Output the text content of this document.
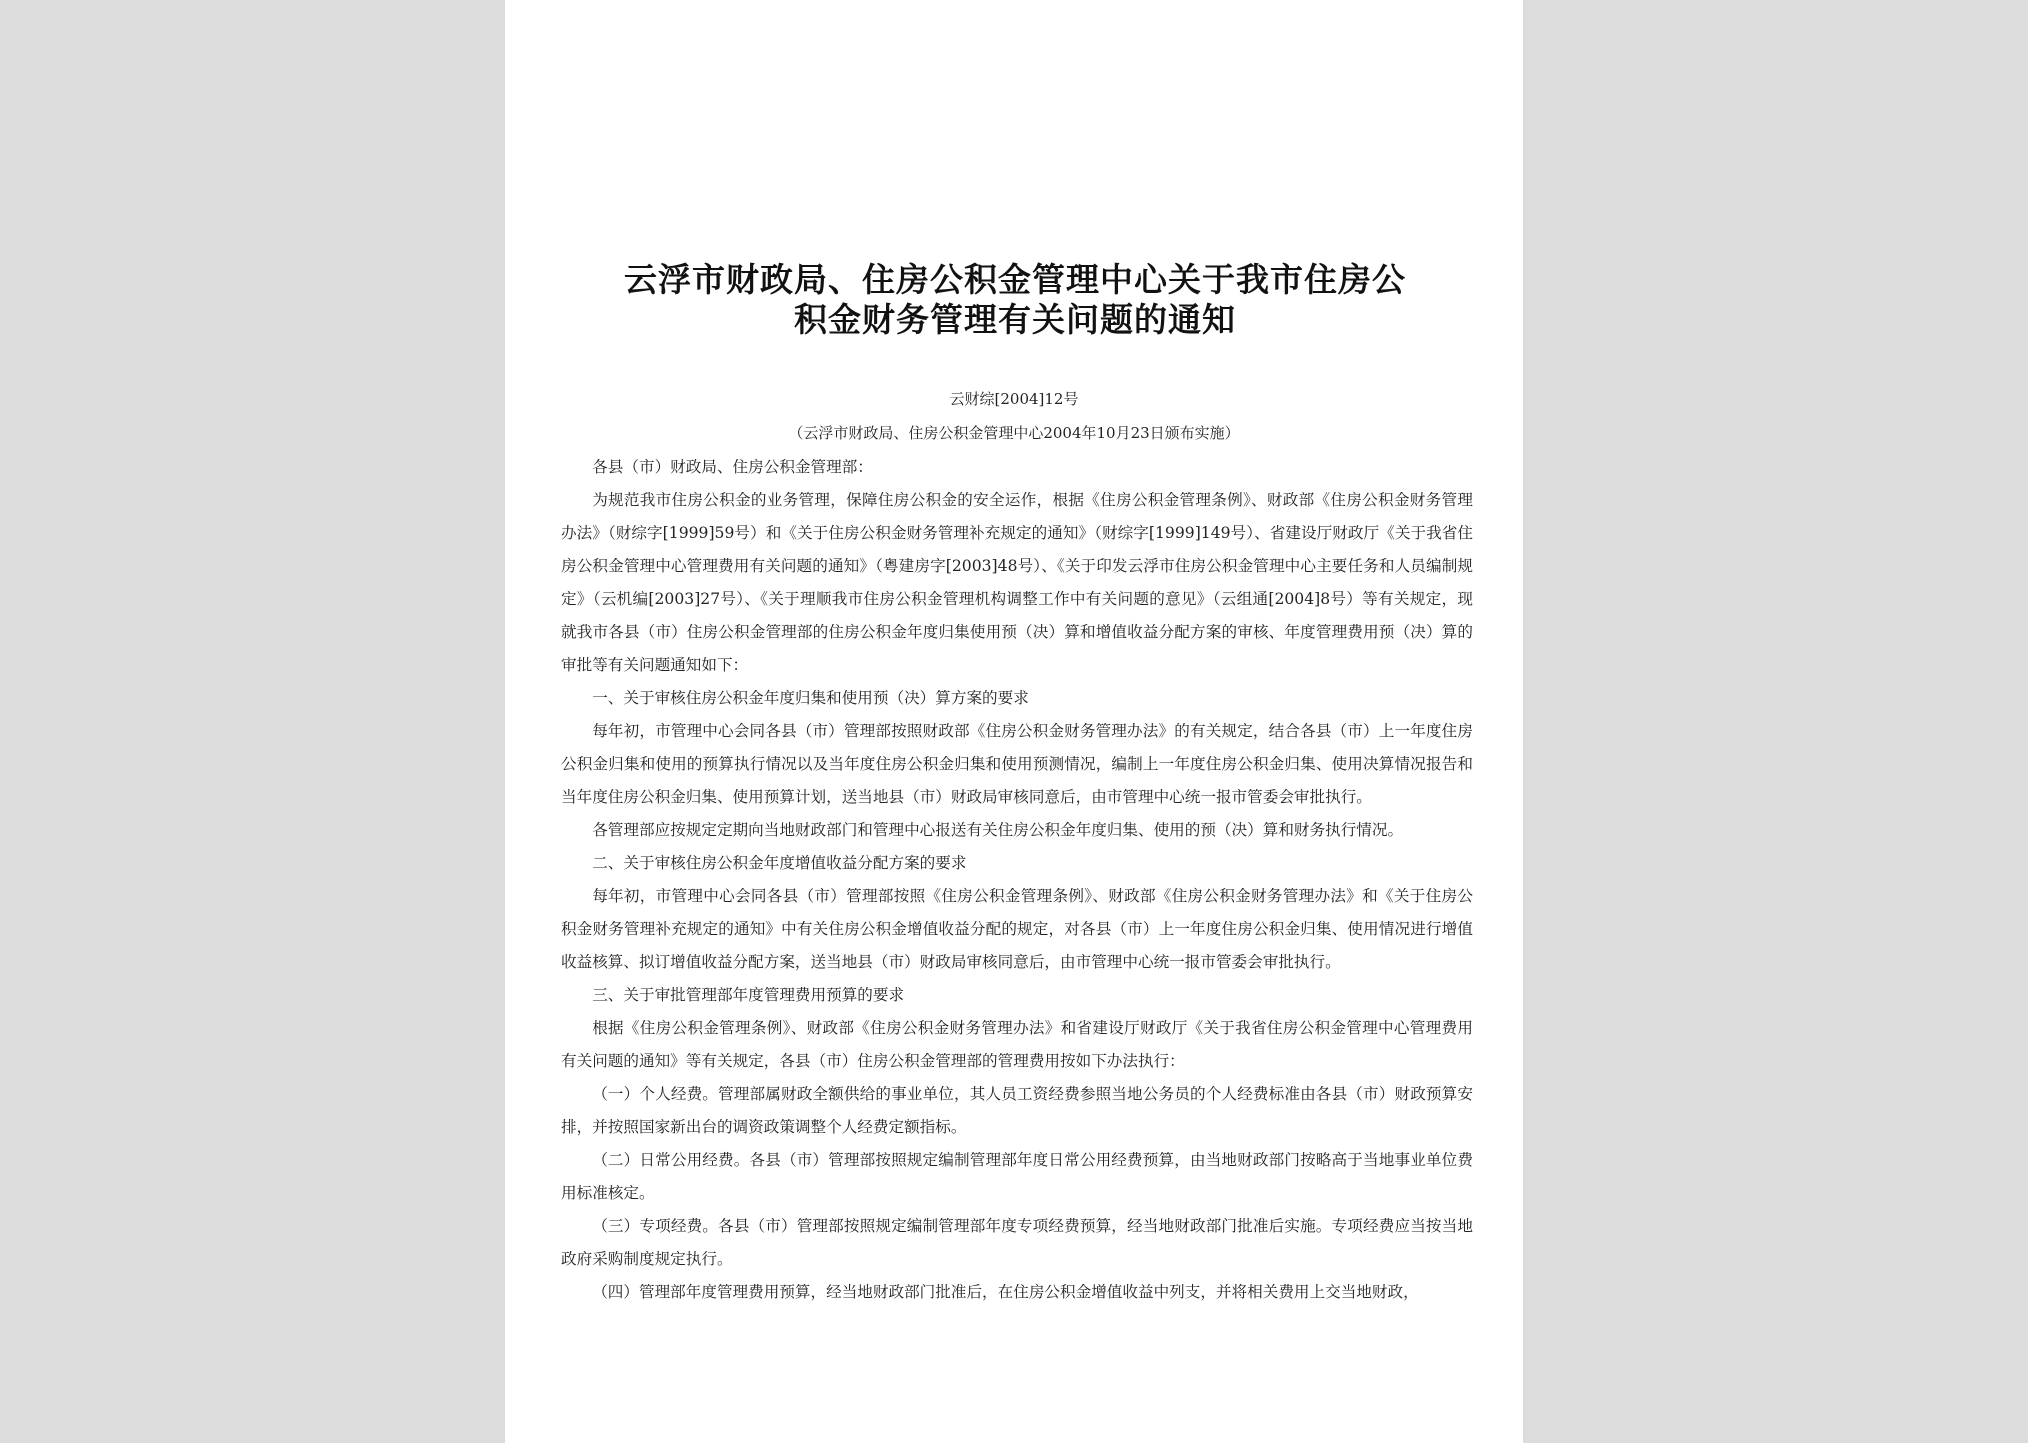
云浮市财政局、住房公积金管理中心关于我市住房公
积金财务管理有关问题的通知
云财综[2004]12号
（云浮市财政局、住房公积金管理中心2004年10月23日颁布实施）

各县（市）财政局、住房公积金管理部：

为规范我市住房公积金的业务管理，保障住房公积金的安全运作，根据《住房公积金管理条例》、财政部《住房公积金财务管理办法》（财综字[1999]59号）和《关于住房公积金财务管理补充规定的通知》（财综字[1999]149号）、省建设厅财政厅《关于我省住房公积金管理中心管理费用有关问题的通知》（粤建房字[2003]48号）、《关于印发云浮市住房公积金管理中心主要任务和人员编制规定》（云机编[2003]27号）、《关于理顺我市住房公积金管理机构调整工作中有关问题的意见》（云组通[2004]8号）等有关规定，现就我市各县（市）住房公积金管理部的住房公积金年度归集使用预（决）算和增值收益分配方案的审核、年度管理费用预（决）算的审批等有关问题通知如下：

一、关于审核住房公积金年度归集和使用预（决）算方案的要求

每年初，市管理中心会同各县（市）管理部按照财政部《住房公积金财务管理办法》的有关规定，结合各县（市）上一年度住房公积金归集和使用的预算执行情况以及当年度住房公积金归集和使用预测情况，编制上一年度住房公积金归集、使用决算情况报告和当年度住房公积金归集、使用预算计划，送当地县（市）财政局审核同意后，由市管理中心统一报市管委会审批执行。

各管理部应按规定定期向当地财政部门和管理中心报送有关住房公积金年度归集、使用的预（决）算和财务执行情况。

二、关于审核住房公积金年度增值收益分配方案的要求

每年初，市管理中心会同各县（市）管理部按照《住房公积金管理条例》、财政部《住房公积金财务管理办法》和《关于住房公积金财务管理补充规定的通知》中有关住房公积金增值收益分配的规定，对各县（市）上一年度住房公积金归集、使用情况进行增值收益核算、拟订增值收益分配方案，送当地县（市）财政局审核同意后，由市管理中心统一报市管委会审批执行。

三、关于审批管理部年度管理费用预算的要求

根据《住房公积金管理条例》、财政部《住房公积金财务管理办法》和省建设厅财政厅《关于我省住房公积金管理中心管理费用有关问题的通知》等有关规定，各县（市）住房公积金管理部的管理费用按如下办法执行：

（一）个人经费。管理部属财政全额供给的事业单位，其人员工资经费参照当地公务员的个人经费标准由各县（市）财政预算安排，并按照国家新出台的调资政策调整个人经费定额指标。

（二）日常公用经费。各县（市）管理部按照规定编制管理部年度日常公用经费预算，由当地财政部门按略高于当地事业单位费用标准核定。

（三）专项经费。各县（市）管理部按照规定编制管理部年度专项经费预算，经当地财政部门批准后实施。专项经费应当按当地政府采购制度规定执行。

（四）管理部年度管理费用预算，经当地财政部门批准后，在住房公积金增值收益中列支，并将相关费用上交当地财政，
